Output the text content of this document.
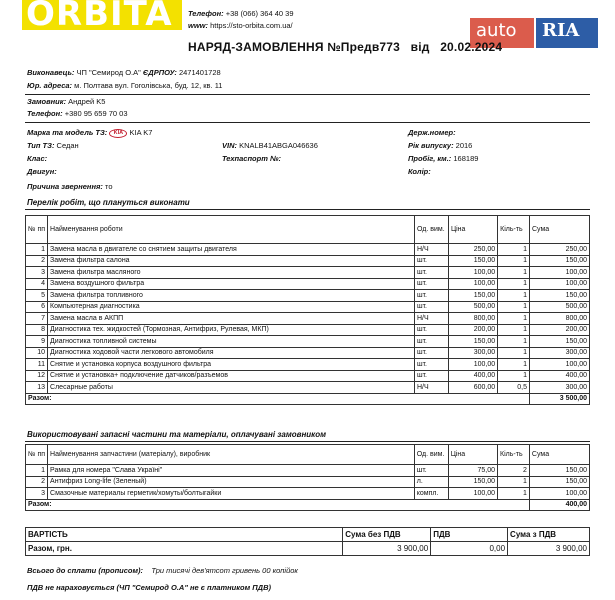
ORBITA Телефон: +38 (066) 364 40 39
www: https://sto-orbita.com.ua/	auto	RIA
НАРЯД-ЗАМОВЛЕННЯ №Предв773 від 20.02.2024
Виконавець: ЧП "Семирод О.А" ЄДРПОУ: 2471401728
Юр. адреса: м. Полтава вул. Гоголівська, буд. 12, кв. 11
Замовник: Андрей K5
Телефон: +380 95 659 70 03
Марка та модель ТЗ: KIA KIA K7
Тип ТЗ: Седан
Клас:
Двигун:
Причина звернення: то
VIN: KNALB41ABGA046636
Техпаспорт №:
Держ.номер:
Рік випуску: 2016
Пробіг, км.: 168189
Колір:
Перелік робіт, що плануться виконати
№ пп	Найменування роботи	Од. вим.	Ціна	Кіль-ть	Сума
1	Замена масла в двигателе со снятием защиты двигателя	Н/Ч	250,00	1	250,00
2	Замена фильтра салона	шт.	150,00	1	150,00
3	Замена фильтра масляного	шт.	100,00	1	100,00
4	Замена воздушного фильтра	шт.	100,00	1	100,00
5	Замена фильтра топливного	шт.	150,00	1	150,00
6	Компьютерная диагностика	шт.	500,00	1	500,00
7	Замена масла в АКПП	Н/Ч	800,00	1	800,00
8	Диагностика тех. жидкостей (Тормозная, Антифриз, Рулевая, МКП)	шт.	200,00	1	200,00
9	Диагностика топливной системы	шт.	150,00	1	150,00
10	Диагностика ходовой части легкового автомобиля	шт.	300,00	1	300,00
11	Снятие и установка корпуса воздушного фильтра	шт.	100,00	1	100,00
12	Снятие и установка+ подключение датчиков/разъемов	шт.	400,00	1	400,00
13	Слесарные работы	Н/Ч	600,00	0,5	300,00
Разом:					3 500,00
Використовувані запасні частини та матеріали, оплачувані замовником
№ пп	Найменування запчастини (матеріалу), виробник	Од. вим.	Ціна	Кіль-ть	Сума
1	Рамка для номера "Слава Україні"	шт.	75,00	2	150,00
2	Антифриз Long-life (Зеленый)	л.	150,00	1	150,00
3	Смазочные материалы герметик/хомуты/болтыгайки	компл.	100,00	1	100,00
Разом:					400,00
ВАРТІСТЬ	Сума без ПДВ	ПДВ	Сума з ПДВ
Разом, грн.	3 900,00	0,00	3 900,00
Всього до сплати (прописом): Три тисячі дев'ятсот гривень 00 копійок
ПДВ не нараховується (ЧП "Семирод О.А" не є платником ПДВ)
